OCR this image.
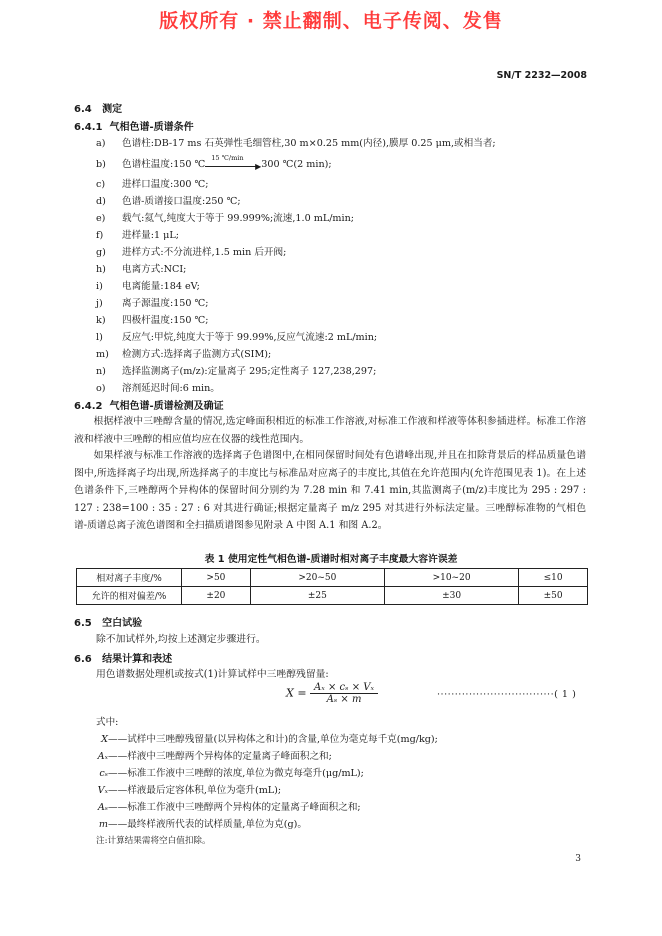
版权所有 · 禁止翻制、电子传阅、发售
SN/T 2232—2008
6.4 测定
6.4.1 气相色谱-质谱条件
a) 色谱柱:DB-17 ms 石英弹性毛细管柱,30 m×0.25 mm(内径),膜厚 0.25 μm,或相当者;
b) 色谱柱温度:150 ℃
15 ℃/min
▶ 300 ℃(2 min);
c) 进样口温度:300 ℃;
d) 色谱-质谱接口温度:250 ℃;
e) 载气:氦气,纯度大于等于 99.999%;流速,1.0 mL/min;
f) 进样量:1 μL;
g) 进样方式:不分流进样,1.5 min 后开阀;
h) 电离方式:NCI;
i) 电离能量:184 eV;
j) 离子源温度:150 ℃;
k) 四极杆温度:150 ℃;
l) 反应气:甲烷,纯度大于等于 99.99%,反应气流速:2 mL/min;
m) 检测方式:选择离子监测方式(SIM);
n) 选择监测离子(m/z):定量离子 295;定性离子 127,238,297;
o) 溶剂延迟时间:6 min。
6.4.2 气相色谱-质谱检测及确证
根据样液中三唑醇含量的情况,选定峰面积相近的标准工作溶液,对标准工作液和样液等体积参插进样。标准工作溶液和样液中三唑醇的相应值均应在仪器的线性范围内。
如果样液与标准工作溶液的选择离子色谱图中,在相同保留时间处有色谱峰出现,并且在扣除背景后的样品质量色谱图中,所选择离子均出现,所选择离子的丰度比与标准品对应离子的丰度比,其值在允许范围内(允许范围见表 1)。在上述色谱条件下,三唑醇两个异构体的保留时间分别约为 7.28 min 和 7.41 min,其监测离子(m/z)丰度比为 295 : 297 : 127 : 238=100 : 35 : 27 : 6 对其进行确证;根据定量离子 m/z 295 对其进行外标法定量。三唑醇标准物的气相色谱-质谱总离子流色谱图和全扫描质谱图参见附录 A 中图 A.1 和图 A.2。
表 1 使用定性气相色谱-质谱时相对离子丰度最大容许误差
相对离子丰度/%	>50	>20~50	>10~20	≤10
允许的相对偏差/%	±20	±25	±30	±50
6.5 空白试验
除不加试样外,均按上述测定步骤进行。
6.6 结果计算和表述
用色谱数据处理机或按式(1)计算试样中三唑醇残留量:
$X = \frac{\text{Aₓ × cₛ × Vₓ}}{\text{Aₛ × m}}$	·································( 1 )
式中:
X——试样中三唑醇残留量(以异构体之和计)的含量,单位为毫克每千克(mg/kg);
Aₓ——样液中三唑醇两个异构体的定量离子峰面积之和;
cₛ——标准工作液中三唑醇的浓度,单位为微克每毫升(μg/mL);
Vₓ——样液最后定容体积,单位为毫升(mL);
Aₛ——标准工作液中三唑醇两个异构体的定量离子峰面积之和;
m——最终样液所代表的试样质量,单位为克(g)。
注:计算结果需将空白值扣除。
3
